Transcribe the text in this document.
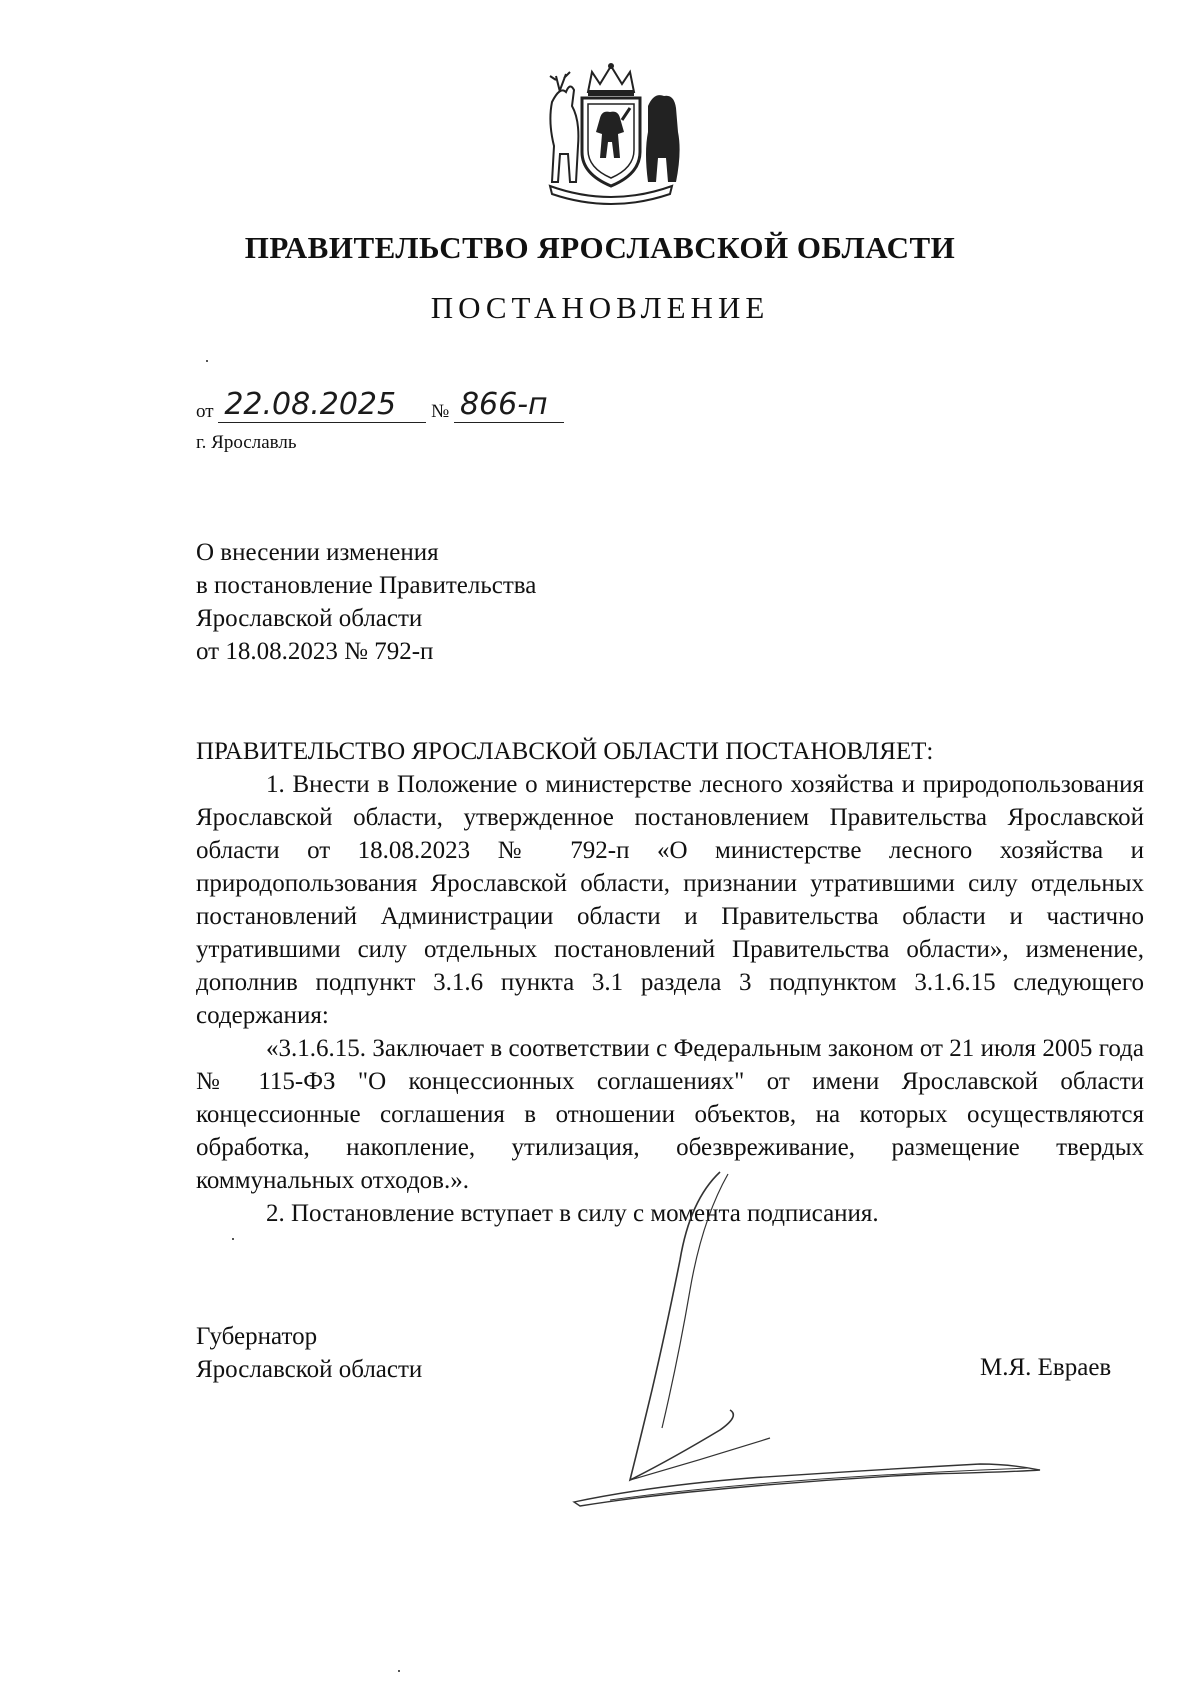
ПРАВИТЕЛЬСТВО ЯРОСЛАВСКОЙ ОБЛАСТИ
ПОСТАНОВЛЕНИЕ
от 22.08.2025 № 866-п
г. Ярославль
О внесении изменения
в постановление Правительства
Ярославской области
от 18.08.2023 № 792-п
ПРАВИТЕЛЬСТВО ЯРОСЛАВСКОЙ ОБЛАСТИ ПОСТАНОВЛЯЕТ:

1. Внести в Положение о министерстве лесного хозяйства и природопользования Ярославской области, утвержденное постановлением Правительства Ярославской области от 18.08.2023 № 792-п «О министерстве лесного хозяйства и природопользования Ярославской области, признании утратившими силу отдельных постановлений Администрации области и Правительства области и частично утратившими силу отдельных постановлений Правительства области», изменение, дополнив подпункт 3.1.6 пункта 3.1 раздела 3 подпунктом 3.1.6.15 следующего содержания:

«3.1.6.15. Заключает в соответствии с Федеральным законом от 21 июля 2005 года № 115-ФЗ "О концессионных соглашениях" от имени Ярославской области концессионные соглашения в отношении объектов, на которых осуществляются обработка, накопление, утилизация, обезвреживание, размещение твердых коммунальных отходов.».

2. Постановление вступает в силу с момента подписания.

Губернатор
Ярославской области	М.Я. Евраев
